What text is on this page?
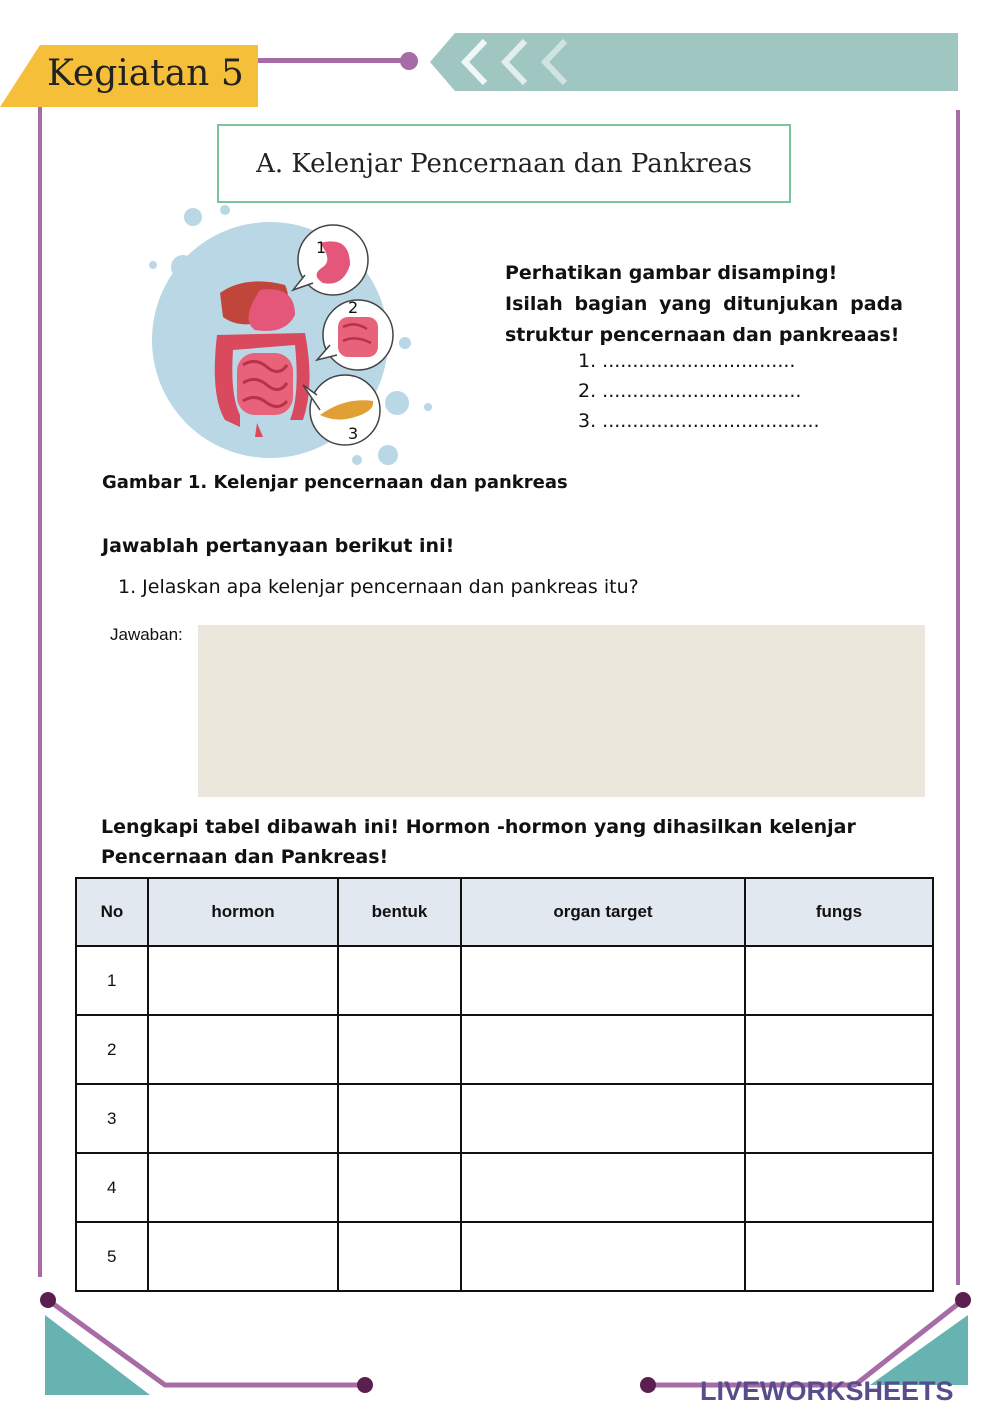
Kegiatan 5
A. Kelenjar Pencernaan dan Pankreas
1
2
3
Perhatikan gambar disamping!
Isilah bagian yang ditunjukan pada struktur pencernaan dan pankreaas!
1. ................................
2. .................................
3. ....................................
Gambar 1. Kelenjar pencernaan dan pankreas
Jawablah pertanyaan berikut ini!
1. Jelaskan apa kelenjar pencernaan dan pankreas itu?
Jawaban:
Lengkapi tabel dibawah ini! Hormon -hormon yang dihasilkan kelenjar Pencernaan dan Pankreas!
No	hormon	bentuk	organ target	fungs
1				
2				
3				
4				
5				
LIVEWORKSHEETS
